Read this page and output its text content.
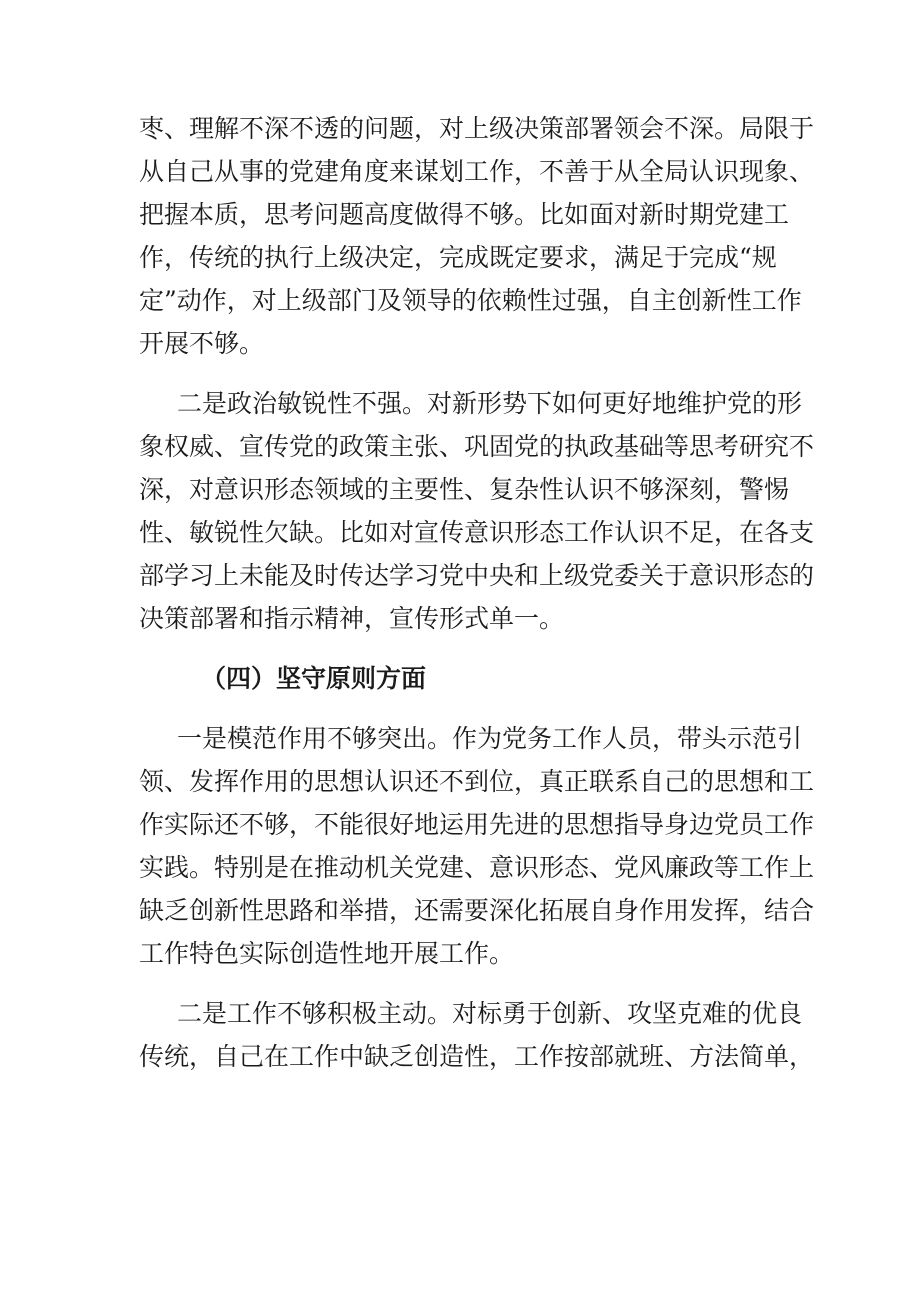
枣、理解不深不透的问题，对上级决策部署领会不深。局限于
从自己从事的党建角度来谋划工作，不善于从全局认识现象、
把握本质，思考问题高度做得不够。比如面对新时期党建工
作，传统的执行上级决定，完成既定要求，满足于完成“规
定”动作，对上级部门及领导的依赖性过强，自主创新性工作
开展不够。
二是政治敏锐性不强。对新形势下如何更好地维护党的形
象权威、宣传党的政策主张、巩固党的执政基础等思考研究不
深，对意识形态领域的主要性、复杂性认识不够深刻，警惕
性、敏锐性欠缺。比如对宣传意识形态工作认识不足，在各支
部学习上未能及时传达学习党中央和上级党委关于意识形态的
决策部署和指示精神，宣传形式单一。
（四）坚守原则方面
一是模范作用不够突出。作为党务工作人员，带头示范引
领、发挥作用的思想认识还不到位，真正联系自己的思想和工
作实际还不够，不能很好地运用先进的思想指导身边党员工作
实践。特别是在推动机关党建、意识形态、党风廉政等工作上
缺乏创新性思路和举措，还需要深化拓展自身作用发挥，结合
工作特色实际创造性地开展工作。
二是工作不够积极主动。对标勇于创新、攻坚克难的优良
传统，自己在工作中缺乏创造性，工作按部就班、方法简单，
